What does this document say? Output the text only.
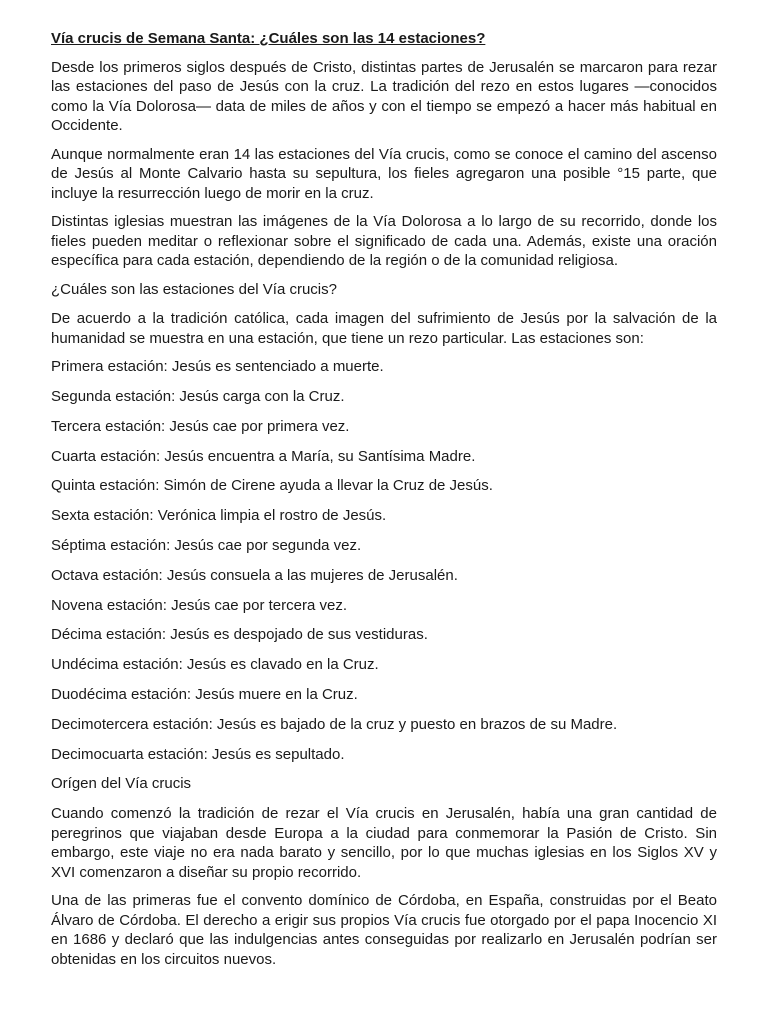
Vía crucis de Semana Santa: ¿Cuáles son las 14 estaciones?

Desde los primeros siglos después de Cristo, distintas partes de Jerusalén se marcaron para rezar las estaciones del paso de Jesús con la cruz. La tradición del rezo en estos lugares —conocidos como la Vía Dolorosa— data de miles de años y con el tiempo se empezó a hacer más habitual en Occidente.

Aunque normalmente eran 14 las estaciones del Vía crucis, como se conoce el camino del ascenso de Jesús al Monte Calvario hasta su sepultura, los fieles agregaron una posible °15 parte, que incluye la resurrección luego de morir en la cruz.

Distintas iglesias muestran las imágenes de la Vía Dolorosa a lo largo de su recorrido, donde los fieles pueden meditar o reflexionar sobre el significado de cada una. Además, existe una oración específica para cada estación, dependiendo de la región o de la comunidad religiosa.

¿Cuáles son las estaciones del Vía crucis?

De acuerdo a la tradición católica, cada imagen del sufrimiento de Jesús por la salvación de la humanidad se muestra en una estación, que tiene un rezo particular. Las estaciones son:

Primera estación: Jesús es sentenciado a muerte.

Segunda estación: Jesús carga con la Cruz.

Tercera estación: Jesús cae por primera vez.

Cuarta estación: Jesús encuentra a María, su Santísima Madre.

Quinta estación: Simón de Cirene ayuda a llevar la Cruz de Jesús.

Sexta estación: Verónica limpia el rostro de Jesús.

Séptima estación: Jesús cae por segunda vez.

Octava estación: Jesús consuela a las mujeres de Jerusalén.

Novena estación: Jesús cae por tercera vez.

Décima estación: Jesús es despojado de sus vestiduras.

Undécima estación: Jesús es clavado en la Cruz.

Duodécima estación: Jesús muere en la Cruz.

Decimotercera estación: Jesús es bajado de la cruz y puesto en brazos de su Madre.

Decimocuarta estación: Jesús es sepultado.

Orígen del Vía crucis

Cuando comenzó la tradición de rezar el Vía crucis en Jerusalén, había una gran cantidad de peregrinos que viajaban desde Europa a la ciudad para conmemorar la Pasión de Cristo. Sin embargo, este viaje no era nada barato y sencillo, por lo que muchas iglesias en los Siglos XV y XVI comenzaron a diseñar su propio recorrido.

Una de las primeras fue el convento domínico de Córdoba, en España, construidas por el Beato Álvaro de Córdoba. El derecho a erigir sus propios Vía crucis fue otorgado por el papa Inocencio XI en 1686 y declaró que las indulgencias antes conseguidas por realizarlo en Jerusalén podrían ser obtenidas en los circuitos nuevos.
